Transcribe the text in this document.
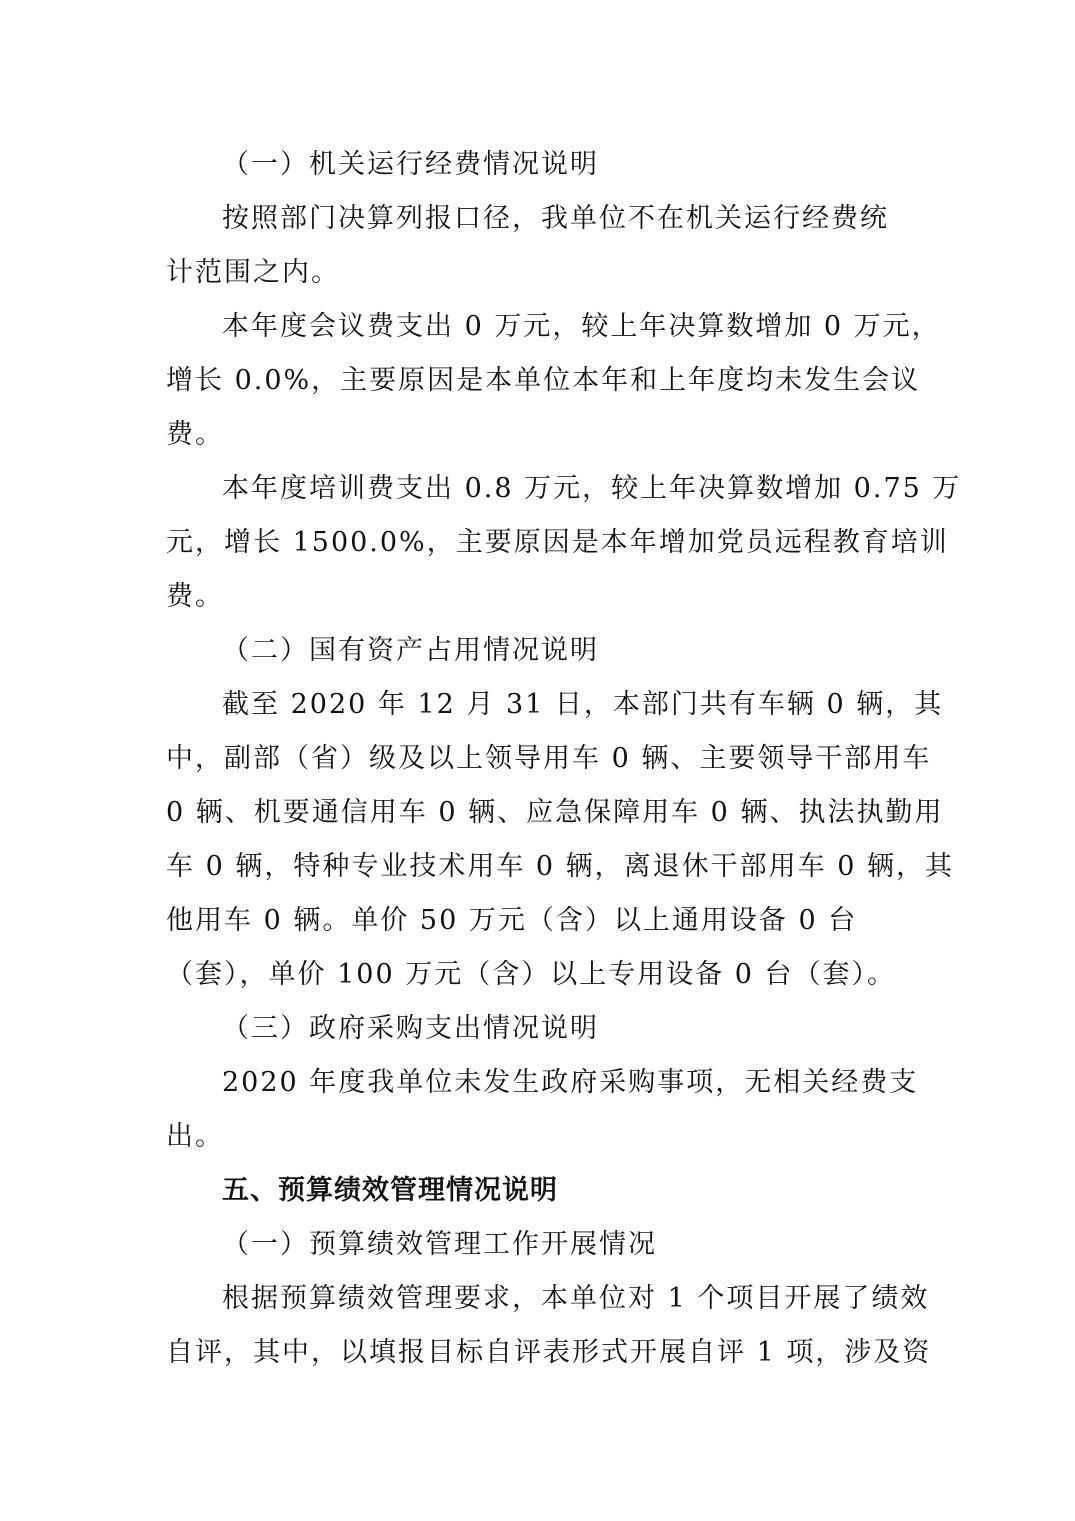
（一）机关运行经费情况说明
按照部门决算列报口径，我单位不在机关运行经费统
计范围之内。
本年度会议费支出 0 万元，较上年决算数增加 0 万元，
增长 0.0%，主要原因是本单位本年和上年度均未发生会议
费。
本年度培训费支出 0.8 万元，较上年决算数增加 0.75 万
元，增长 1500.0%，主要原因是本年增加党员远程教育培训
费。
（二）国有资产占用情况说明
截至 2020 年 12 月 31 日，本部门共有车辆 0 辆，其
中，副部（省）级及以上领导用车 0 辆、主要领导干部用车
0 辆、机要通信用车 0 辆、应急保障用车 0 辆、执法执勤用
车 0 辆，特种专业技术用车 0 辆，离退休干部用车 0 辆，其
他用车 0 辆。单价 50 万元（含）以上通用设备 0 台
（套），单价 100 万元（含）以上专用设备 0 台（套）。
（三）政府采购支出情况说明
2020 年度我单位未发生政府采购事项，无相关经费支
出。
五、预算绩效管理情况说明
（一）预算绩效管理工作开展情况
根据预算绩效管理要求，本单位对 1 个项目开展了绩效
自评，其中，以填报目标自评表形式开展自评 1 项，涉及资
